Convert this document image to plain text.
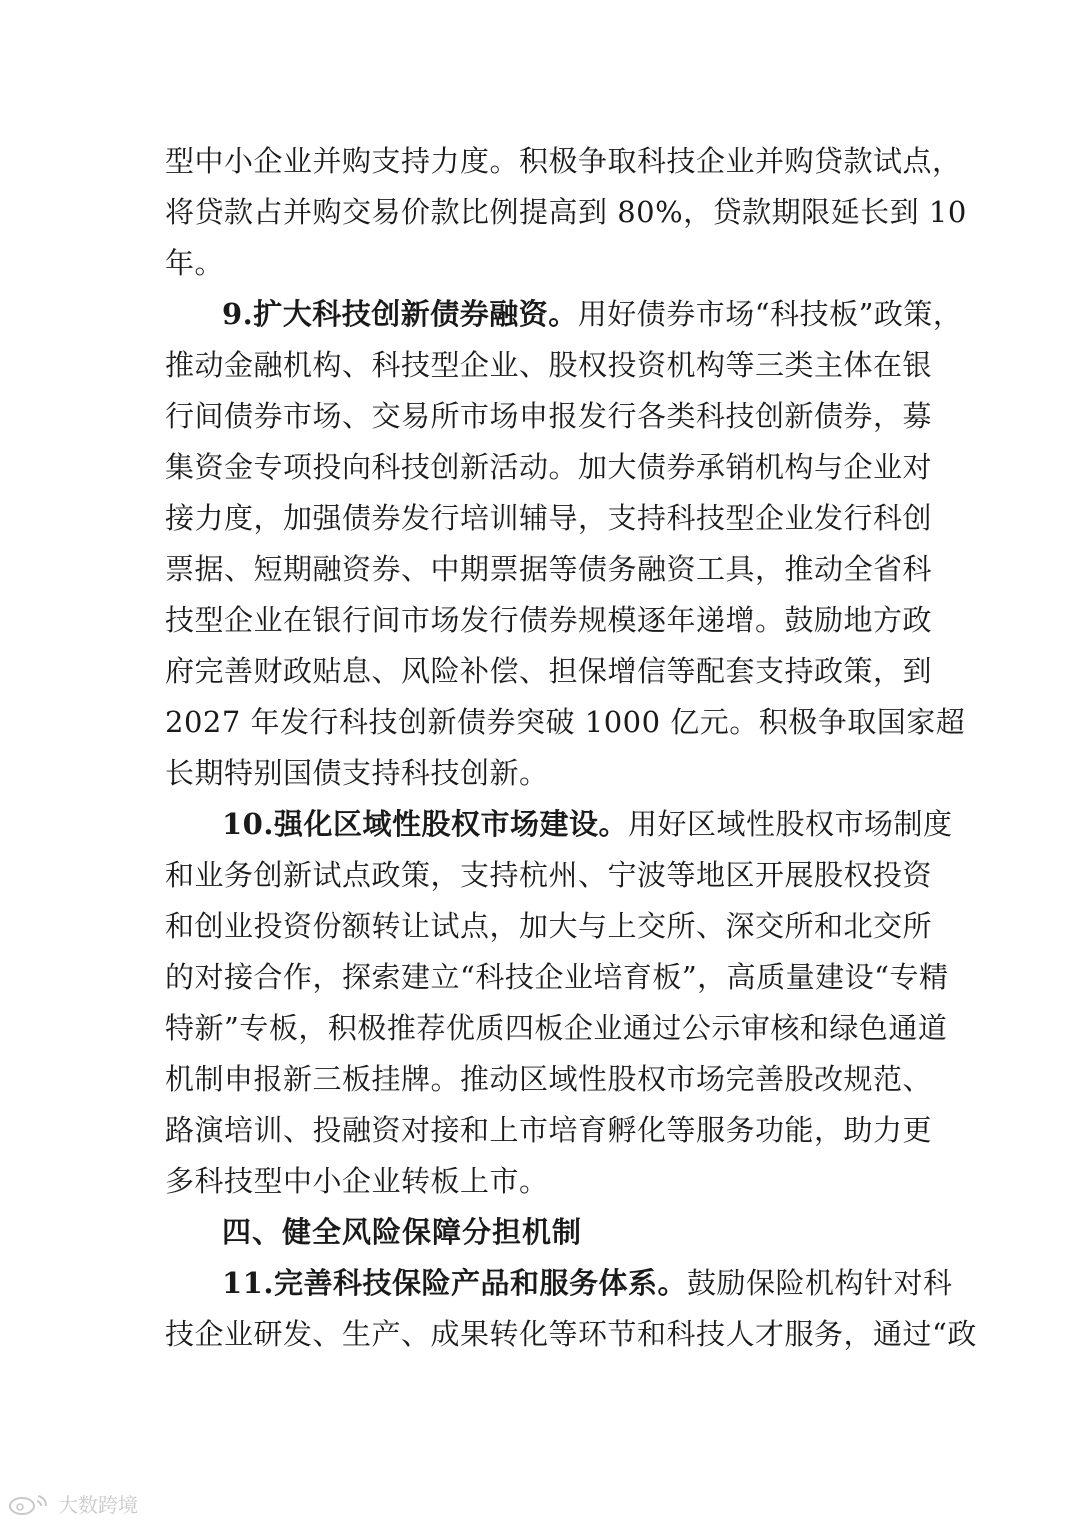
型中小企业并购支持力度。积极争取科技企业并购贷款试点，
将贷款占并购交易价款比例提高到 80%，贷款期限延长到 10
年。
9.扩大科技创新债券融资。用好债券市场“科技板”政策，
推动金融机构、科技型企业、股权投资机构等三类主体在银
行间债券市场、交易所市场申报发行各类科技创新债券，募
集资金专项投向科技创新活动。加大债券承销机构与企业对
接力度，加强债券发行培训辅导，支持科技型企业发行科创
票据、短期融资券、中期票据等债务融资工具，推动全省科
技型企业在银行间市场发行债券规模逐年递增。鼓励地方政
府完善财政贴息、风险补偿、担保增信等配套支持政策，到
2027 年发行科技创新债券突破 1000 亿元。积极争取国家超
长期特别国债支持科技创新。
10.强化区域性股权市场建设。用好区域性股权市场制度
和业务创新试点政策，支持杭州、宁波等地区开展股权投资
和创业投资份额转让试点，加大与上交所、深交所和北交所
的对接合作，探索建立“科技企业培育板”，高质量建设“专精
特新”专板，积极推荐优质四板企业通过公示审核和绿色通道
机制申报新三板挂牌。推动区域性股权市场完善股改规范、
路演培训、投融资对接和上市培育孵化等服务功能，助力更
多科技型中小企业转板上市。
四、健全风险保障分担机制
11.完善科技保险产品和服务体系。鼓励保险机构针对科
技企业研发、生产、成果转化等环节和科技人才服务，通过“政
大数跨境
